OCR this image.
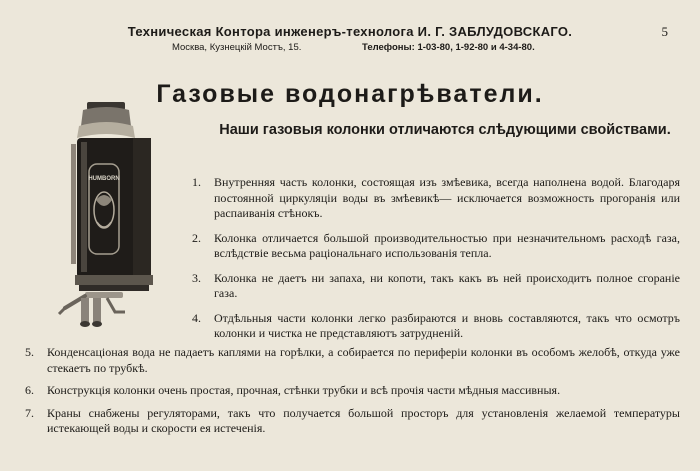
Техническая Контора инженеръ-технолога И. Г. ЗАБЛУДОВСКАГО.	5
Москва, Кузнецкій Мостъ, 15.	Телефоны: 1-03-80, 1-92-80 и 4-34-80.
Газовые водонагрѣватели.
Наши газовыя колонки отличаются слѣдующими свойствами.
HUMBORN	1.	Внутренняя часть колонки, состоящая изъ змѣевика, всегда наполнена водой. Благодаря постоянной циркуляціи воды въ змѣевикѣ— исключается возможность прогоранія или распаиванія стѣнокъ.
2.	Колонка отличается большой производительностью при незначительномъ расходѣ газа, вслѣдствіе весьма раціональнаго использованія тепла.
3.	Колонка не даетъ ни запаха, ни копоти, такъ какъ въ ней происходитъ полное сгораніе газа.
4.	Отдѣльныя части колонки легко разбираются и вновь составляются, такъ что осмотръ колонки и чистка не представляютъ затрудненій.
5.	Конденсаціоная вода не падаетъ каплями на горѣлки, а собирается по периферіи колонки въ особомъ желобѣ, откуда уже стекаетъ по трубкѣ.
6.	Конструкція колонки очень простая, прочная, стѣнки трубки и всѣ прочія части мѣдныя массивныя.
7.	Краны снабжены регуляторами, такъ что получается большой просторъ для установленія желаемой температуры истекающей воды и скорости ея истеченія.
